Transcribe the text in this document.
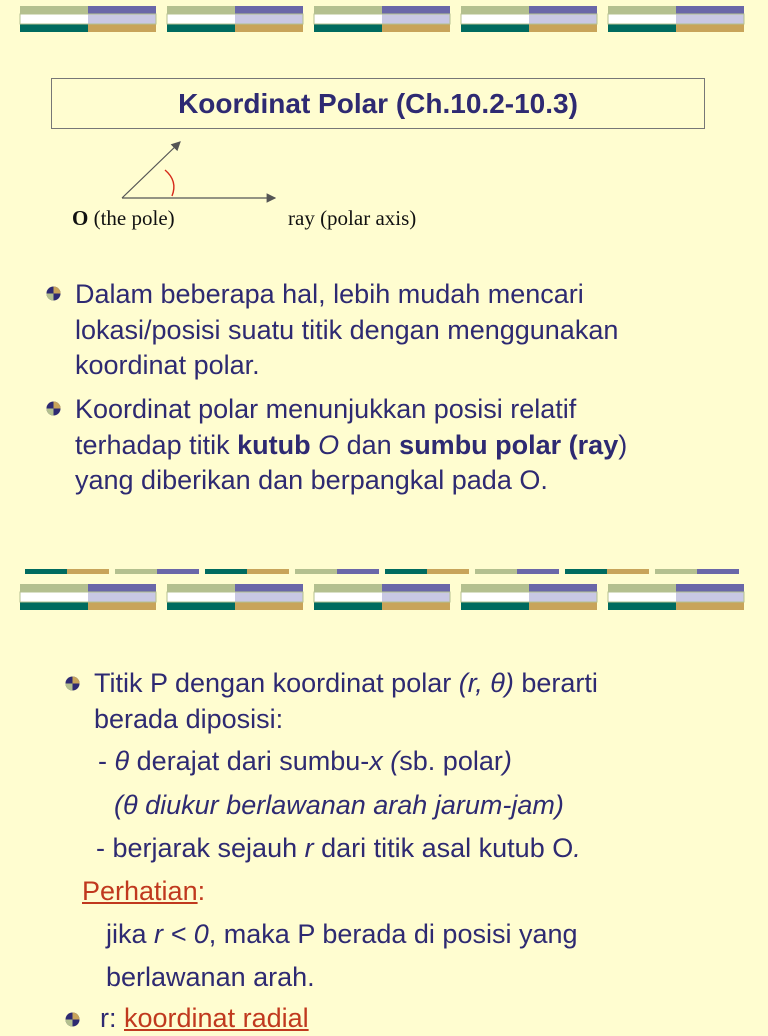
Koordinat Polar (Ch.10.2-10.3)
O (the pole)	ray (polar axis)
Dalam beberapa hal, lebih mudah mencari
lokasi/posisi suatu titik dengan menggunakan
koordinat polar.
Koordinat polar menunjukkan posisi relatif
terhadap titik kutub O dan sumbu polar (ray)
yang diberikan dan berpangkal pada O.
Titik P dengan koordinat polar (r, θ) berarti
berada diposisi:
- θ derajat dari sumbu-x (sb. polar)
(θ diukur berlawanan arah jarum-jam)
- berjarak sejauh r dari titik asal kutub O.
Perhatian:
jika r < 0, maka P berada di posisi yang
berlawanan arah.
r: koordinat radial
